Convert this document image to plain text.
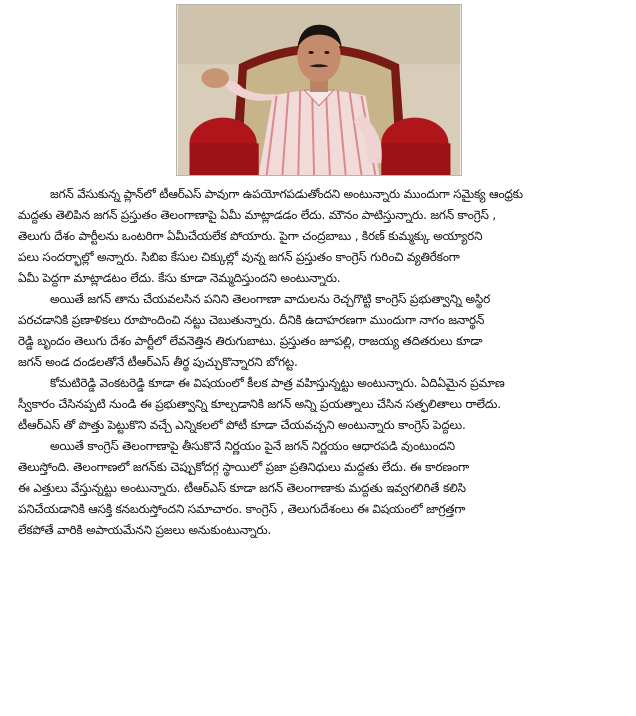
జగన్ వేసుకున్న ప్లాన్‌లో టీఆర్ఎస్ పావుగా ఉపయోగపడుతోందని అంటున్నారు ముందుగా సమైక్య ఆంధ్రకు
మద్దతు తెలిపిన జగన్ ప్రస్తుతం తెలంగాణాపై ఏమీ మాట్లాడడం లేదు. మౌనం పాటిస్తున్నారు. జగన్ కాంగ్రెస్ ,
తెలుగు దేశం పార్టీలను ఒంటరిగా ఏమీచేయలేక పోయారు. పైగా చంద్రబాబు , కిరణ్ కుమ్మక్కు అయ్యారని
పలు సందర్భాల్లో అన్నారు. సిబిఐ కేసుల చిక్కుల్లో వున్న జగన్ ప్రస్తుతం కాంగ్రెస్ గురించి వ్యతిరేకంగా
ఏమీ పెద్దగా మాట్లాడటం లేదు. కేసు కూడా నెమ్మదిస్తుందని అంటున్నారు.
అయితే జగన్ తాను చేయవలసిన పనిని తెలంగాణా వాదులను రెచ్చగొట్టి కాంగ్రెస్ ప్రభుత్వాన్ని అస్థిర
పరచడానికి ప్రణాళికలు రూపొందించి నట్టు చెబుతున్నారు. దీనికి ఉదాహరణగా ముందుగా నాగం జనార్థన్
రెడ్డి బృందం తెలుగు దేశం పార్టీలో లేవనెత్తిన తిరుగుబాటు. ప్రస్తుతం జూపల్లి, రాజయ్య తదితరులు కూడా
జగన్ అండ దండలతోనే టీఆర్ఎస్ తీర్థ పుచ్చుకొన్నారని బోగట్ట.
కోమటిరెడ్డి వెంకటరెడ్డి కూడా ఈ విషయంలో కీలక పాత్ర వహిస్తున్నట్టు అంటున్నారు. ఏదిఏమైన ప్రమాణ
స్వీకారం చేసినప్పటి నుండి ఈ ప్రభుత్వాన్ని కూల్చడానికి జగన్ అన్ని ప్రయత్నాలు చేసిన సత్ఫలితాలు రాలేదు.
టీఆర్ఎస్ తో పొత్తు పెట్టుకొని వచ్చే ఎన్నికలలో పోటీ కూడా చేయవచ్చని అంటున్నారు కాంగ్రెస్ పెద్దలు.
అయితే కాంగ్రెస్ తెలంగాణాపై తీసుకొనే నిర్ణయం పైనే జగన్ నిర్ణయం ఆధారపడి వుంటుందని
తెలుస్తోంది. తెలంగాణలో జగన్‌కు చెప్పుకోదగ్గ స్థాయిలో ప్రజా ప్రతినిధులు మద్దతు లేదు. ఈ కారణంగా
ఈ ఎత్తులు వేస్తున్నట్టు అంటున్నారు. టీఆర్ఎస్ కూడా జగన్ తెలంగాణాకు మద్దతు ఇవ్వగలిగితే కలిసి
పనిచేయడానికి ఆసక్తి కనబరుస్తోందని సమాచారం. కాంగ్రెస్ , తెలుగుదేశంలు ఈ విషయంలో జాగ్రత్తగా
లేకపోతే వారికి అపాయమేనని ప్రజలు అనుకుంటున్నారు.
